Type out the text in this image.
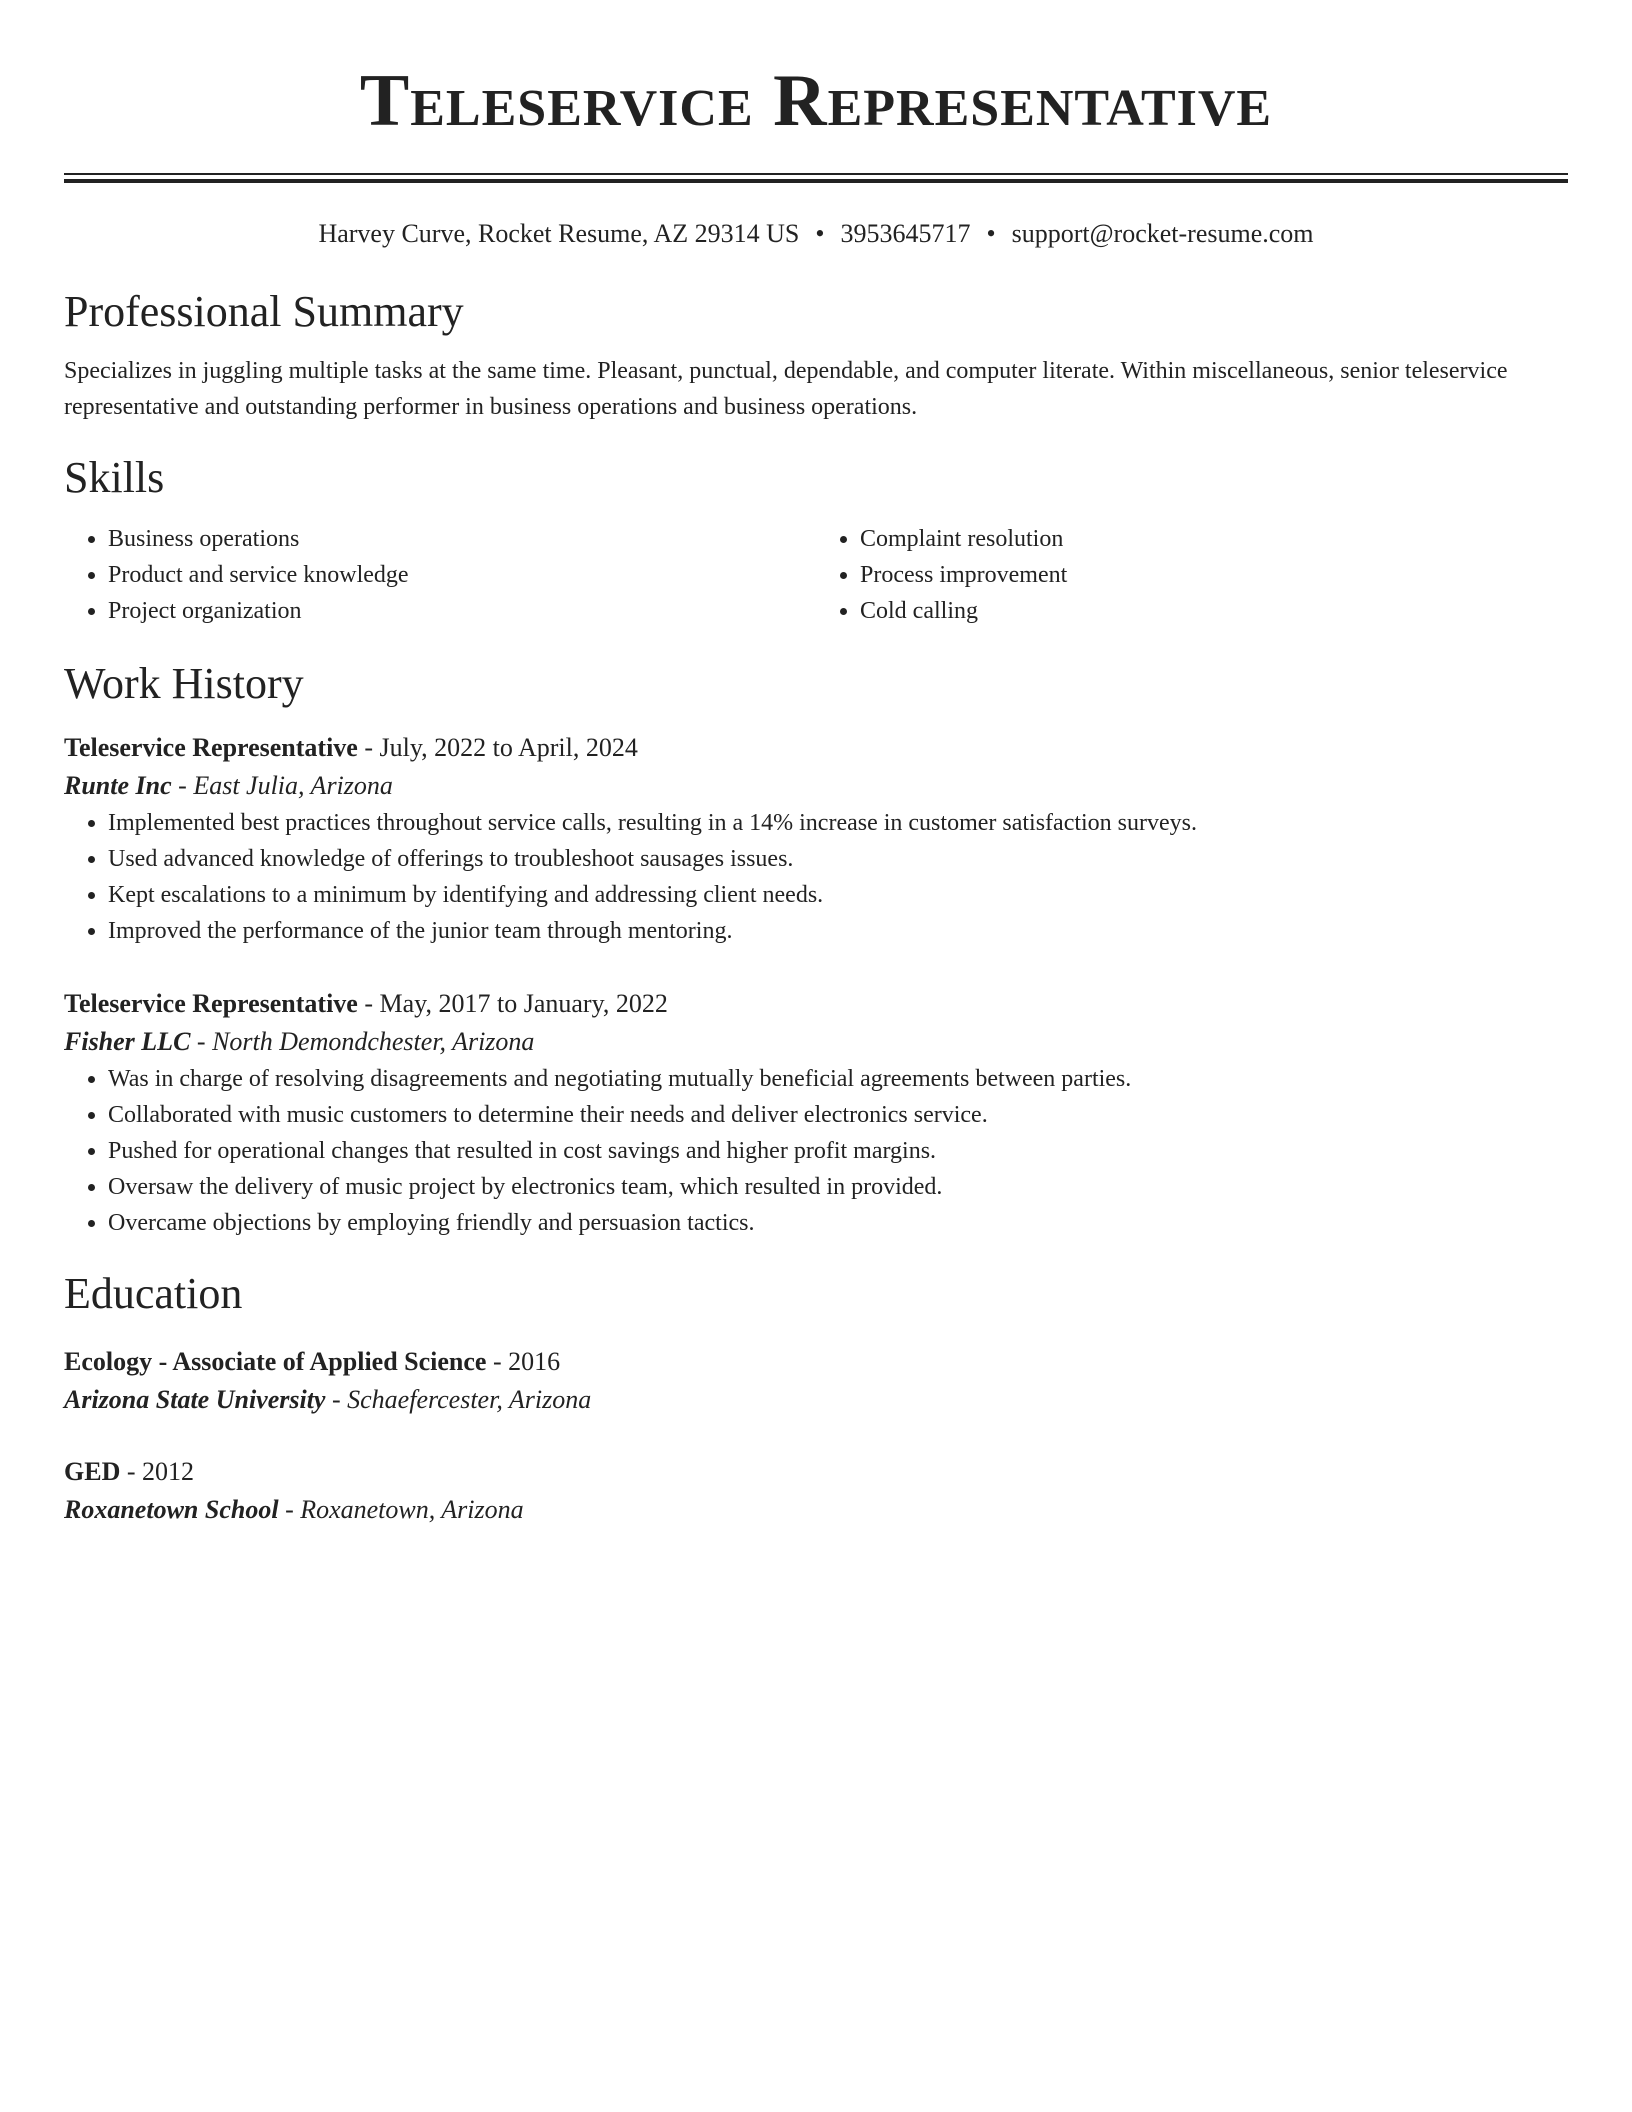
Teleservice Representative
Harvey Curve, Rocket Resume, AZ 29314 US • 3953645717 • support@rocket-resume.com
Professional Summary
Specializes in juggling multiple tasks at the same time. Pleasant, punctual, dependable, and computer literate. Within miscellaneous, senior teleservice representative and outstanding performer in business operations and business operations.
Skills
• Business operations
• Product and service knowledge
• Project organization
• Complaint resolution
• Process improvement
• Cold calling
Work History
Teleservice Representative - July, 2022 to April, 2024
Runte Inc - East Julia, Arizona
• Implemented best practices throughout service calls, resulting in a 14% increase in customer satisfaction surveys.
• Used advanced knowledge of offerings to troubleshoot sausages issues.
• Kept escalations to a minimum by identifying and addressing client needs.
• Improved the performance of the junior team through mentoring.
Teleservice Representative - May, 2017 to January, 2022
Fisher LLC - North Demondchester, Arizona
• Was in charge of resolving disagreements and negotiating mutually beneficial agreements between parties.
• Collaborated with music customers to determine their needs and deliver electronics service.
• Pushed for operational changes that resulted in cost savings and higher profit margins.
• Oversaw the delivery of music project by electronics team, which resulted in provided.
• Overcame objections by employing friendly and persuasion tactics.
Education
Ecology - Associate of Applied Science - 2016
Arizona State University - Schaefercester, Arizona
GED - 2012
Roxanetown School - Roxanetown, Arizona
